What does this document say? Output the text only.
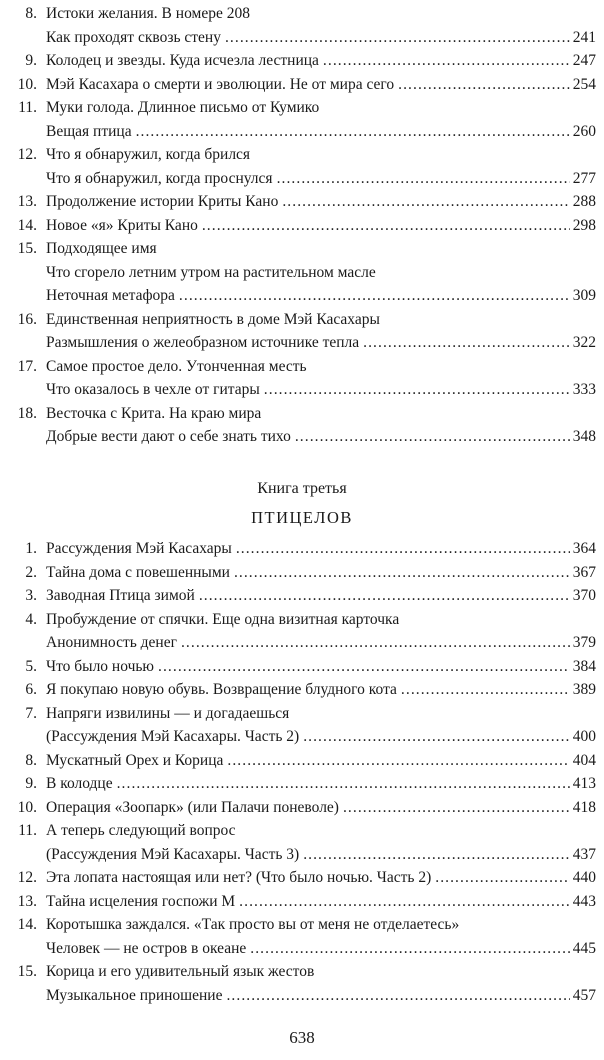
8. Истоки желания. В номере 208
Как проходят сквозь стену . . .	241
9. Колодец и звезды. Куда исчезла лестница . . .	247
10. Мэй Касахара о смерти и эволюции. Не от мира сего . . .	254
11. Муки голода. Длинное письмо от Кумико
Вещая птица . . .	260
12. Что я обнаружил, когда брился
Что я обнаружил, когда проснулся . . .	277
13. Продолжение истории Криты Кано . . .	288
14. Новое «я» Криты Кано . . .	298
15. Подходящее имя
Что сгорело летним утром на растительном масле
Неточная метафора . . .	309
16. Единственная неприятность в доме Мэй Касахары
Размышления о желеобразном источнике тепла . . .	322
17. Самое простое дело. Утонченная месть
Что оказалось в чехле от гитары . . .	333
18. Весточка с Крита. На краю мира
Добрые вести дают о себе знать тихо . . .	348
Книга третья
ПТИЦЕЛОВ
1. Рассуждения Мэй Касахары . . .	364
2. Тайна дома с повешенными . . .	367
3. Заводная Птица зимой . . .	370
4. Пробуждение от спячки. Еще одна визитная карточка
Анонимность денег . . .	379
5. Что было ночью . . .	384
6. Я покупаю новую обувь. Возвращение блудного кота . . .	389
7. Напряги извилины — и догадаешься
(Рассуждения Мэй Касахары. Часть 2) . . .	400
8. Мускатный Орех и Корица . . .	404
9. В колодце . . .	413
10. Операция «Зоопарк» (или Палачи поневоле) . . .	418
11. А теперь следующий вопрос
(Рассуждения Мэй Касахары. Часть 3) . . .	437
12. Эта лопата настоящая или нет? (Что было ночью. Часть 2) . . .	440
13. Тайна исцеления госпожи М . . .	443
14. Коротышка заждался. «Так просто вы от меня не отделаетесь»
Человек — не остров в океане . . .	445
15. Корица и его удивительный язык жестов
Музыкальное приношение . . .	457
638
